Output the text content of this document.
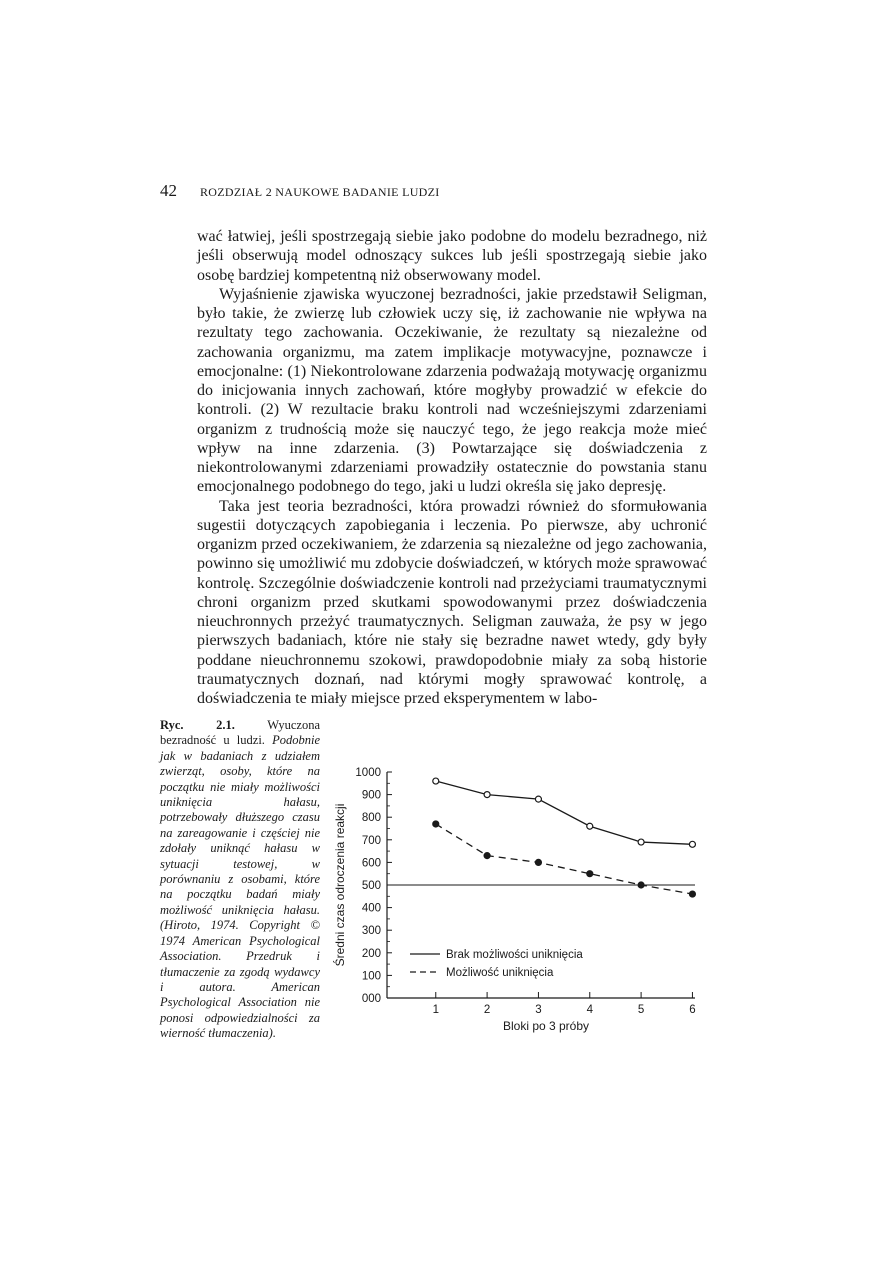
42 ROZDZIAŁ 2 NAUKOWE BADANIE LUDZI

wać łatwiej, jeśli spostrzegają siebie jako podobne do modelu bezradnego, niż jeśli obserwują model odnoszący sukces lub jeśli spostrzegają siebie jako osobę bardziej kompetentną niż obserwowany model.

Wyjaśnienie zjawiska wyuczonej bezradności, jakie przedstawił Seligman, było takie, że zwierzę lub człowiek uczy się, iż zachowanie nie wpływa na rezultaty tego zachowania. Oczekiwanie, że rezultaty są niezależne od zachowania organizmu, ma zatem implikacje motywacyjne, poznawcze i emocjonalne: (1) Niekontrolowane zdarzenia podważają motywację organizmu do inicjowania innych zachowań, które mogłyby prowadzić w efekcie do kontroli. (2) W rezultacie braku kontroli nad wcześniejszymi zdarzeniami organizm z trudnością może się nauczyć tego, że jego reakcja może mieć wpływ na inne zdarzenia. (3) Powtarzające się doświadczenia z niekontrolowanymi zdarzeniami prowadziły ostatecznie do powstania stanu emocjonalnego podobnego do tego, jaki u ludzi określa się jako depresję.

Taka jest teoria bezradności, która prowadzi również do sformułowania sugestii dotyczących zapobiegania i leczenia. Po pierwsze, aby uchronić organizm przed oczekiwaniem, że zdarzenia są niezależne od jego zachowania, powinno się umożliwić mu zdobycie doświadczeń, w których może sprawować kontrolę. Szczególnie doświadczenie kontroli nad przeżyciami traumatycznymi chroni organizm przed skutkami spowodowanymi przez doświadczenia nieuchronnych przeżyć traumatycznych. Seligman zauważa, że psy w jego pierwszych badaniach, które nie stały się bezradne nawet wtedy, gdy były poddane nieuchronnemu szokowi, prawdopodobnie miały za sobą historie traumatycznych doznań, nad którymi mogły sprawować kontrolę, a doświadczenia te miały miejsce przed eksperymentem w labo-

Ryc. 2.1.	Wyuczona bezradność u ludzi. Podobnie jak w badaniach z udziałem zwierząt, osoby, które na początku nie miały możliwości uniknięcia hałasu, potrzebowały dłuższego czasu na zareagowanie i częściej nie zdołały uniknąć hałasu w sytuacji testowej, w porównaniu z osobami, które na początku badań miały możliwość uniknięcia hałasu. (Hiroto, 1974. Copyright © 1974 American Psychological Association. Przedruk i tłumaczenie za zgodą wydawcy i autora. American Psychological Association nie ponosi odpowiedzialności za wierność tłumaczenia).
000
100
200
300
400
500
600
700
800
900
1000
1	2	3	4	5	6
Bloki po 3 próby
Średni czas odroczenia reakcji	Brak możliwości uniknięcia
Możliwość uniknięcia
